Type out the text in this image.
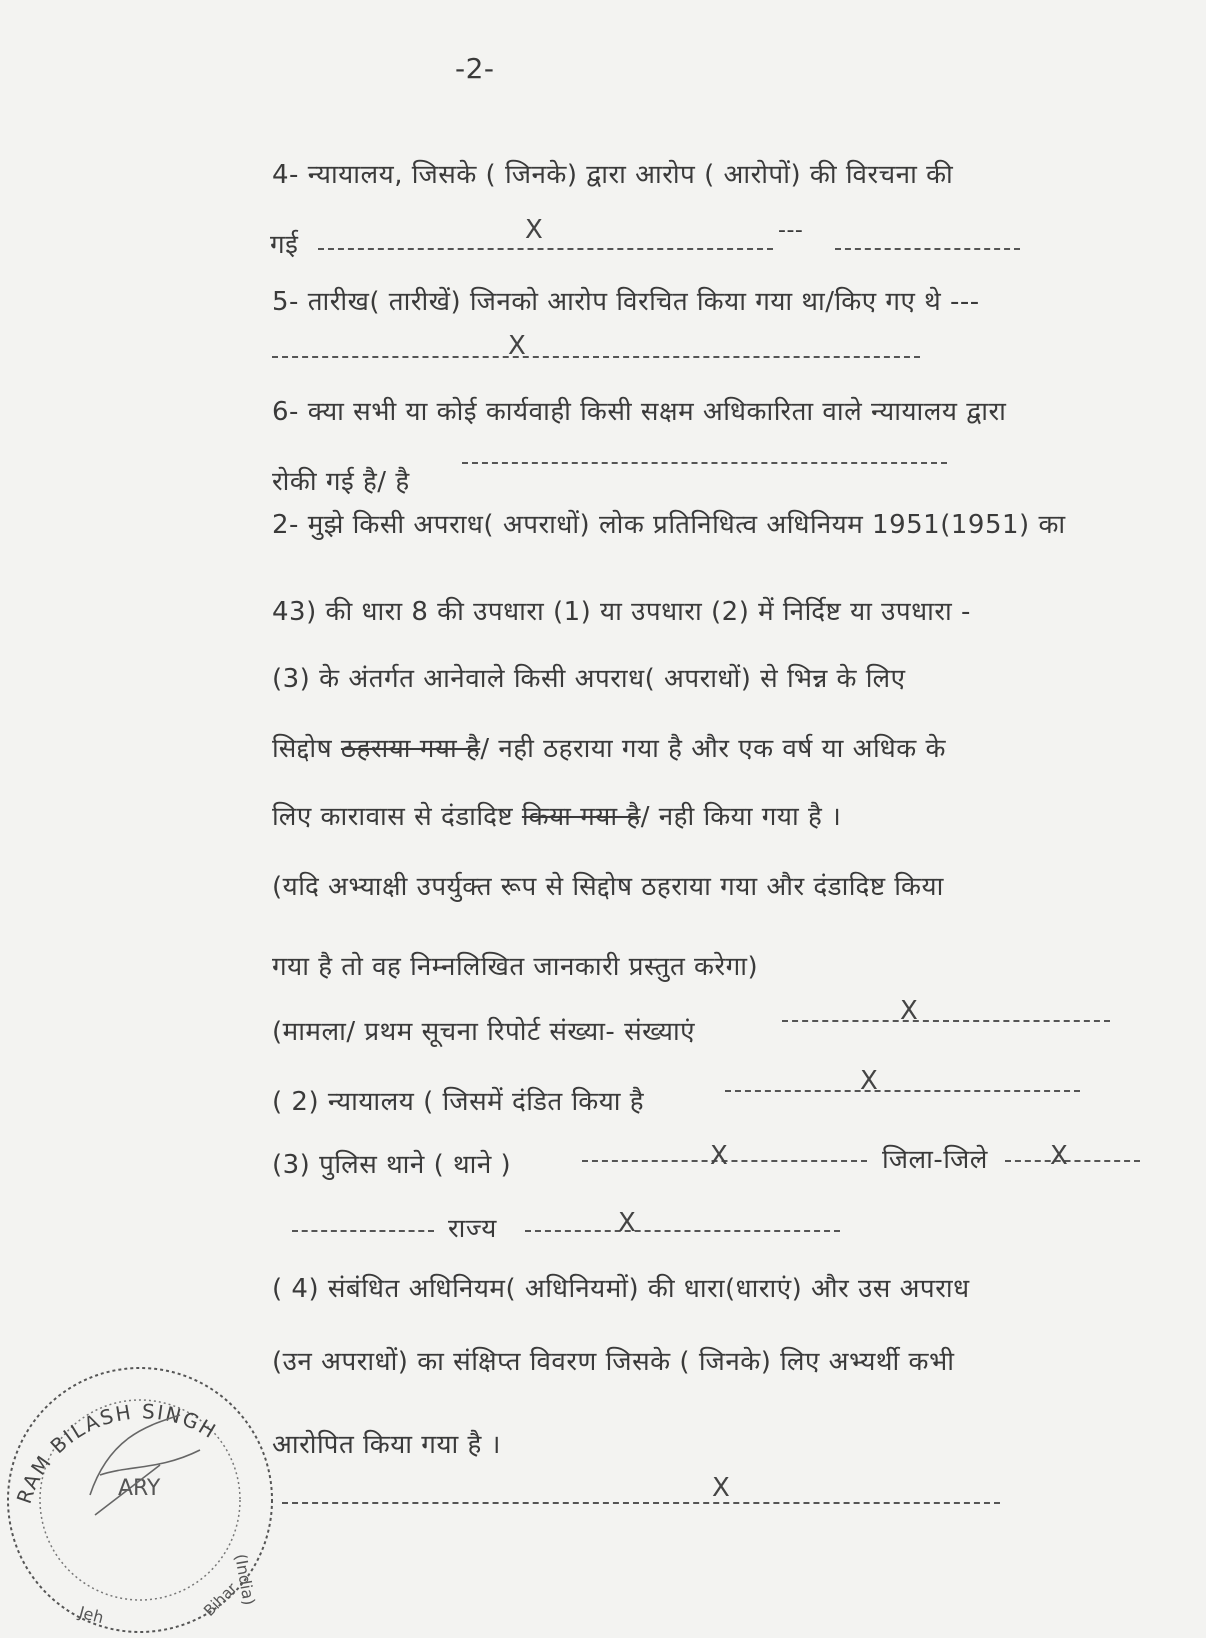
-2-
4- न्यायालय, जिसके ( जिनके) द्वारा आरोप ( आरोपों) की विरचना की
गई	X	---
5- तारीख( तारीखें) जिनको आरोप विरचित किया गया था/किए गए थे ---
X
6- क्या सभी या कोई कार्यवाही किसी सक्षम अधिकारिता वाले न्यायालय द्वारा
रोकी गई है/ है
2- मुझे किसी अपराध( अपराधों) लोक प्रतिनिधित्व अधिनियम 1951(1951) का
43) की धारा 8 की उपधारा (1) या उपधारा (2) में निर्दिष्ट या उपधारा -
(3) के अंतर्गत आनेवाले किसी अपराध( अपराधों) से भिन्न के लिए
सिद्दोष ठहराया गया है/ नही ठहराया गया है और एक वर्ष या अधिक के
लिए कारावास से दंडादिष्ट किया गया है/ नही किया गया है ।
(यदि अभ्याक्षी उपर्युक्त रूप से सिद्दोष ठहराया गया और दंडादिष्ट किया
गया है तो वह निम्नलिखित जानकारी प्रस्तुत करेगा)
(मामला/ प्रथम सूचना रिपोर्ट संख्या- संख्याएं
X
( 2) न्यायालय ( जिसमें दंडित किया है
X
(3) पुलिस थाने ( थाने )	X	जिला-जिले X
राज्य	X
( 4) संबंधित अधिनियम( अधिनियमों) की धारा(धाराएं) और उस अपराध
(उन अपराधों) का संक्षिप्त विवरण जिसके ( जिनके) लिए अभ्यर्थी कभी
आरोपित किया गया है ।
X
RAM BILASH SINGH
ARY
(India)
Bihar
Jeh
